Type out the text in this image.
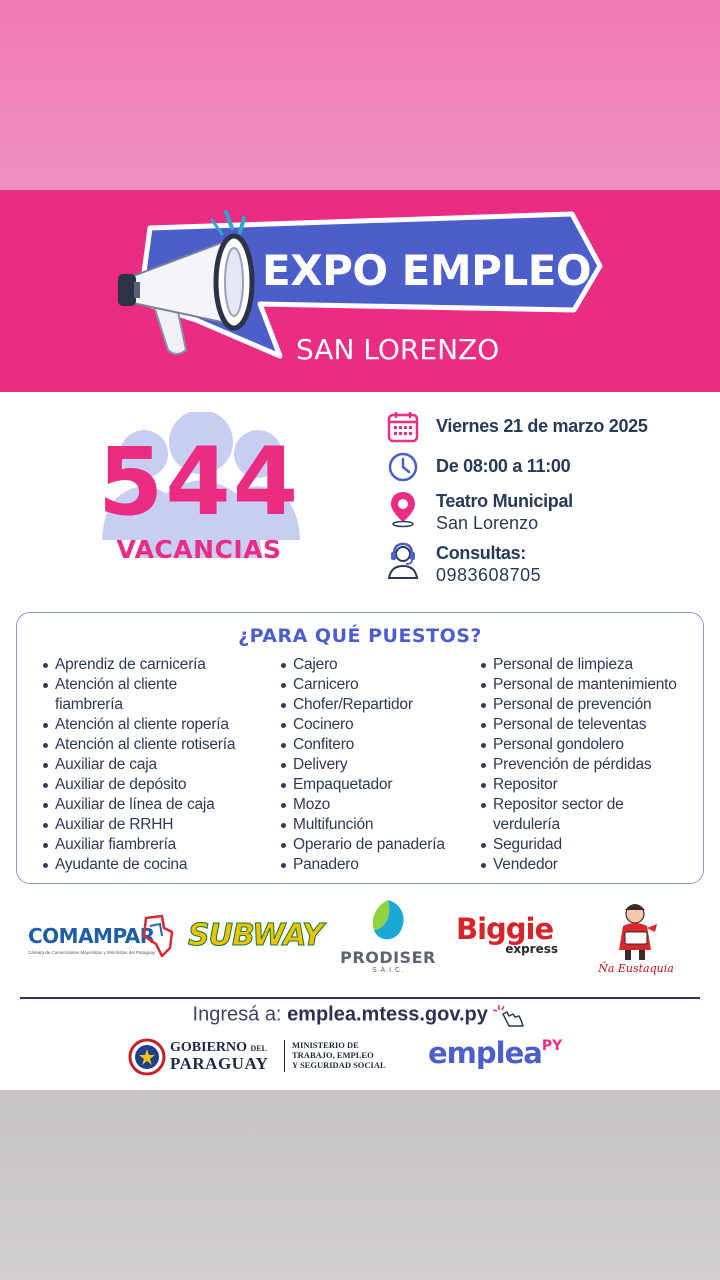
EXPO EMPLEO
SAN LORENZO
544
VACANCIAS
Viernes 21 de marzo 2025
De 08:00 a 11:00
Teatro Municipal
San Lorenzo
Consultas:
0983608705
¿PARA QUÉ PUESTOS?
Aprendiz de carnicería
Atención al cliente
fiambrería
Atención al cliente ropería
Atención al cliente rotisería
Auxiliar de caja
Auxiliar de depósito
Auxiliar de línea de caja
Auxiliar de RRHH
Auxiliar fiambrería
Ayudante de cocina
Cajero
Carnicero
Chofer/Repartidor
Cocinero
Confitero
Delivery
Empaquetador
Mozo
Multifunción
Operario de panadería
Panadero
Personal de limpieza
Personal de mantenimiento
Personal de prevención
Personal de televentas
Personal gondolero
Prevención de pérdidas
Repositor
Repositor sector de
verdulería
Seguridad
Vendedor
COMAMPAR
Cámara de Comerciantes Mayoristas y Minoristas del Paraguay SUBWAY
PRODISER
S.A.I.C.
Biggie
express
Ña Eustaquia
Ingresá a: emplea.mtess.gov.py
GOBIERNO DEL
PARAGUAY
MINISTERIO DE
TRABAJO, EMPLEO
Y SEGURIDAD SOCIAL empleaPY
